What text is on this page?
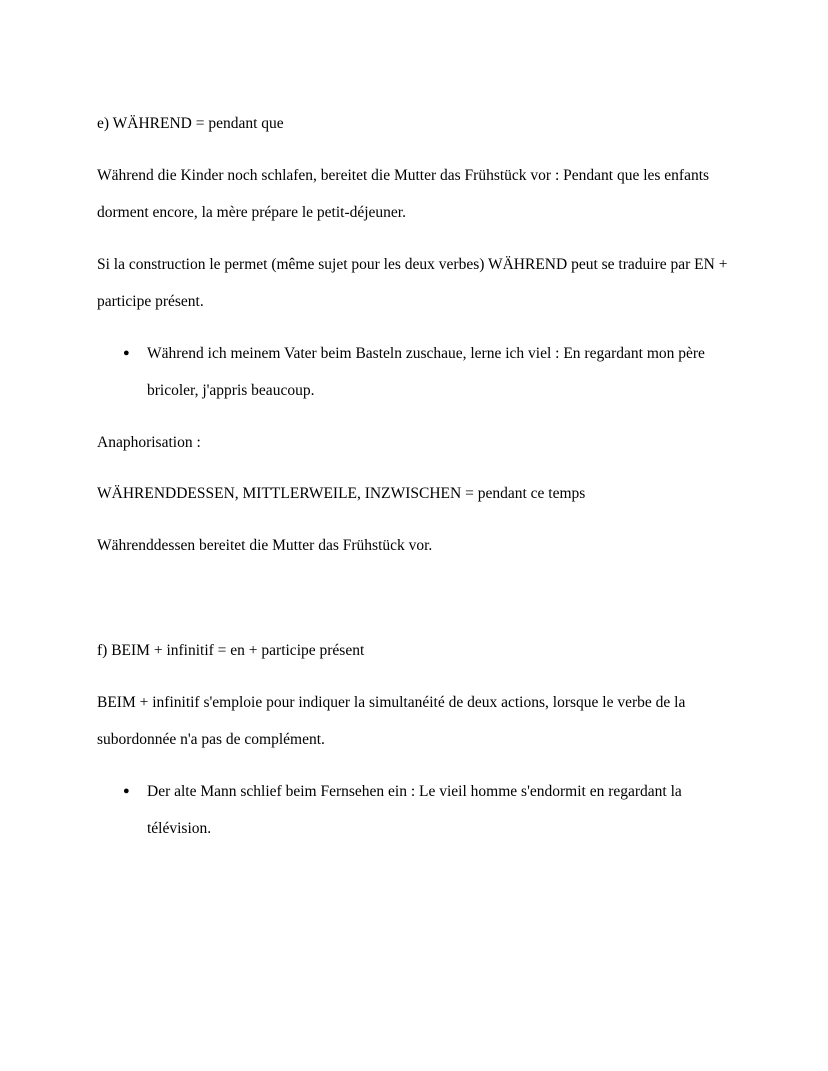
e) WÄHREND = pendant que

Während die Kinder noch schlafen, bereitet die Mutter das Frühstück vor : Pendant que les enfants dorment encore, la mère prépare le petit-déjeuner.

Si la construction le permet (même sujet pour les deux verbes) WÄHREND peut se traduire par EN + participe présent.

●	Während ich meinem Vater beim Basteln zuschaue, lerne ich viel : En regardant mon père bricoler, j'appris beaucoup.

Anaphorisation :

WÄHRENDDESSEN, MITTLERWEILE, INZWISCHEN = pendant ce temps

Währenddessen bereitet die Mutter das Frühstück vor.

f) BEIM + infinitif = en + participe présent

BEIM + infinitif s'emploie pour indiquer la simultanéité de deux actions, lorsque le verbe de la subordonnée n'a pas de complément.

●	Der alte Mann schlief beim Fernsehen ein : Le vieil homme s'endormit en regardant la télévision.
